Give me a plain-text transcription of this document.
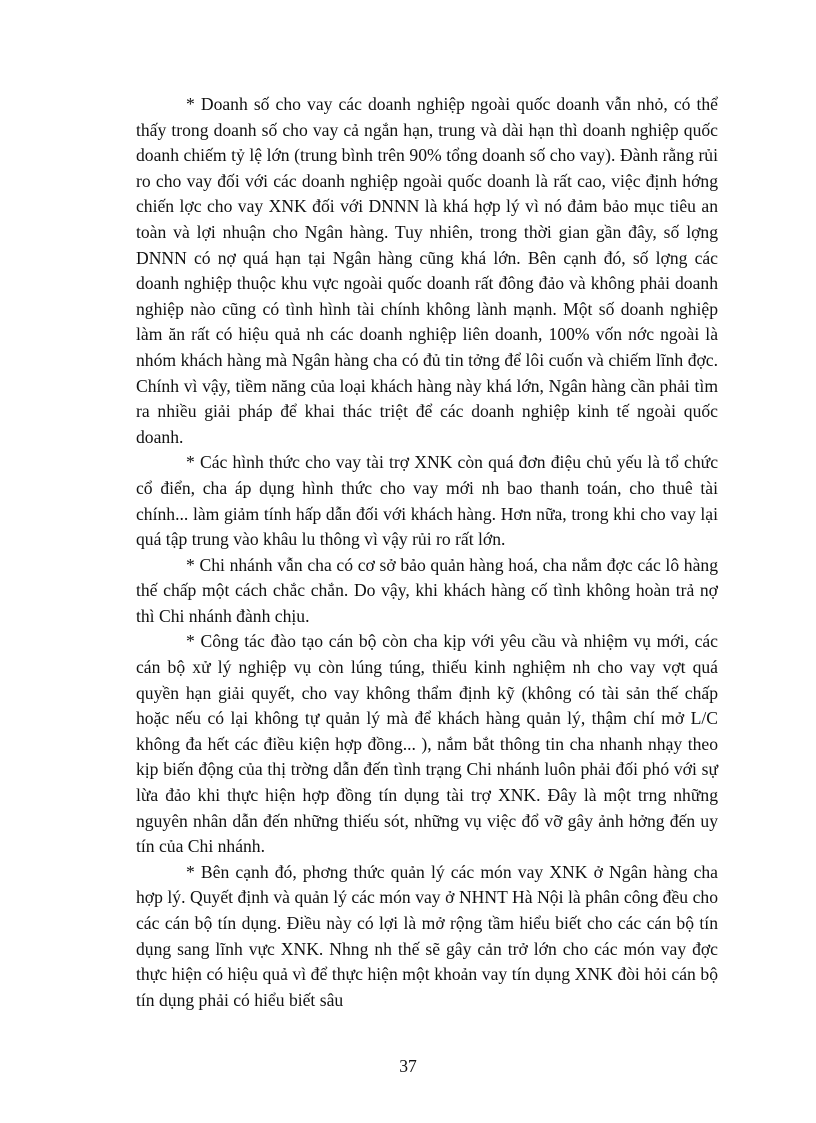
* Doanh số cho vay các doanh nghiệp ngoài quốc doanh vẫn nhỏ, có thể thấy trong doanh số cho vay cả ngắn hạn, trung và dài hạn thì doanh nghiệp quốc doanh chiếm tỷ lệ lớn (trung bình trên 90% tổng doanh số cho vay). Đành rằng rủi ro cho vay đối với các doanh nghiệp ngoài quốc doanh là rất cao, việc định hớng chiến lợc cho vay XNK đối với DNNN là khá hợp lý vì nó đảm bảo mục tiêu an toàn và lợi nhuận cho Ngân hàng. Tuy nhiên, trong thời gian gần đây, số lợng DNNN có nợ quá hạn tại Ngân hàng cũng khá lớn. Bên cạnh đó, số lợng các doanh nghiệp thuộc khu vực ngoài quốc doanh rất đông đảo và không phải doanh nghiệp nào cũng có tình hình tài chính không lành mạnh. Một số doanh nghiệp làm ăn rất có hiệu quả nh các doanh nghiệp liên doanh, 100% vốn nớc ngoài là nhóm khách hàng mà Ngân hàng cha có đủ tin tởng để lôi cuốn và chiếm lĩnh đợc. Chính vì vậy, tiềm năng của loại khách hàng này khá lớn, Ngân hàng cần phải tìm ra nhiều giải pháp để khai thác triệt để các doanh nghiệp kinh tế ngoài quốc doanh.

* Các hình thức cho vay tài trợ XNK còn quá đơn điệu chủ yếu là tổ chức cổ điển, cha áp dụng hình thức cho vay mới nh bao thanh toán, cho thuê tài chính... làm giảm tính hấp dẫn đối với khách hàng. Hơn nữa, trong khi cho vay lại quá tập trung vào khâu lu thông vì vậy rủi ro rất lớn.

* Chi nhánh vẫn cha có cơ sở bảo quản hàng hoá, cha nắm đợc các lô hàng thế chấp một cách chắc chắn. Do vậy, khi khách hàng cố tình không hoàn trả nợ thì Chi nhánh đành chịu.

* Công tác đào tạo cán bộ còn cha kịp với yêu cầu và nhiệm vụ mới, các cán bộ xử lý nghiệp vụ còn lúng túng, thiếu kinh nghiệm nh cho vay vợt quá quyền hạn giải quyết, cho vay không thẩm định kỹ (không có tài sản thế chấp hoặc nếu có lại không tự quản lý mà để khách hàng quản lý, thậm chí mở L/C không đa hết các điều kiện hợp đồng... ), nắm bắt thông tin cha nhanh nhạy theo kịp biến động của thị trờng dẫn đến tình trạng Chi nhánh luôn phải đối phó với sự lừa đảo khi thực hiện hợp đồng tín dụng tài trợ XNK. Đây là một trng những nguyên nhân dẫn đến những thiếu sót, những vụ việc đổ vỡ gây ảnh hởng đến uy tín của Chi nhánh.

* Bên cạnh đó, phơng thức quản lý các món vay XNK ở Ngân hàng cha hợp lý. Quyết định và quản lý các món vay ở NHNT Hà Nội là phân công đều cho các cán bộ tín dụng. Điều này có lợi là mở rộng tầm hiểu biết cho các cán bộ tín dụng sang lĩnh vực XNK. Nhng nh thế sẽ gây cản trở lớn cho các món vay đợc thực hiện có hiệu quả vì để thực hiện một khoản vay tín dụng XNK đòi hỏi cán bộ tín dụng phải có hiểu biết sâu

37
